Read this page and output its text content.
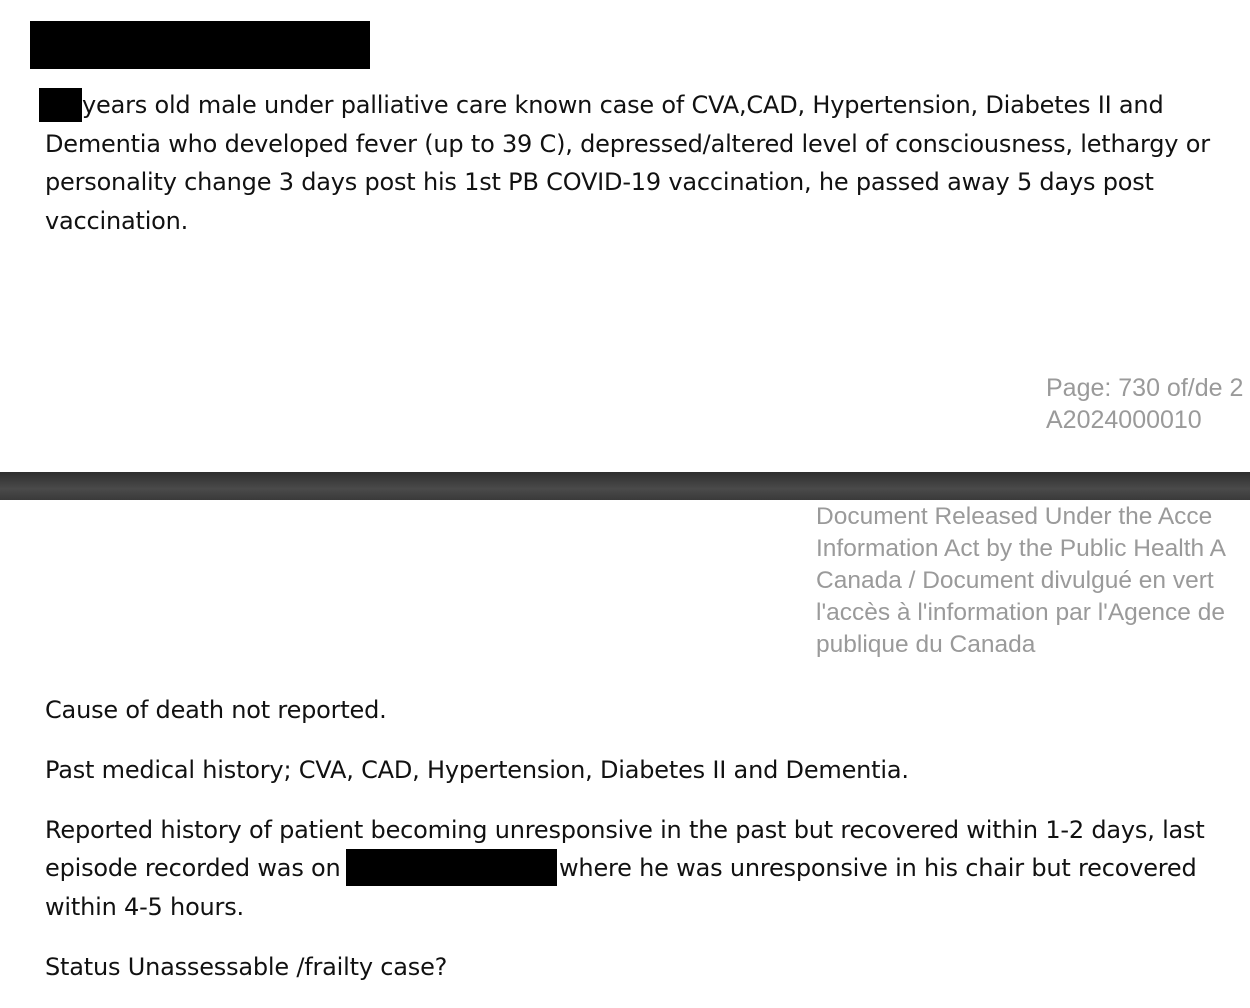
years old male under palliative care known case of CVA,CAD, Hypertension, Diabetes II and
Dementia who developed fever (up to 39 C), depressed/altered level of consciousness, lethargy or
personality change 3 days post his 1st PB COVID-19 vaccination, he passed away 5 days post
vaccination.
Page: 730 of/de 2
A2024000010
Document Released Under the Acce
Information Act by the Public Health A
Canada / Document divulgué en vert
l'accès à l'information par l'Agence de
publique du Canada
Cause of death not reported.
Past medical history; CVA, CAD, Hypertension, Diabetes II and Dementia.
Reported history of patient becoming unresponsive in the past but recovered within 1-2 days, last
episode recorded was on	where he was unresponsive in his chair but recovered
within 4-5 hours.
Status Unassessable /frailty case?
